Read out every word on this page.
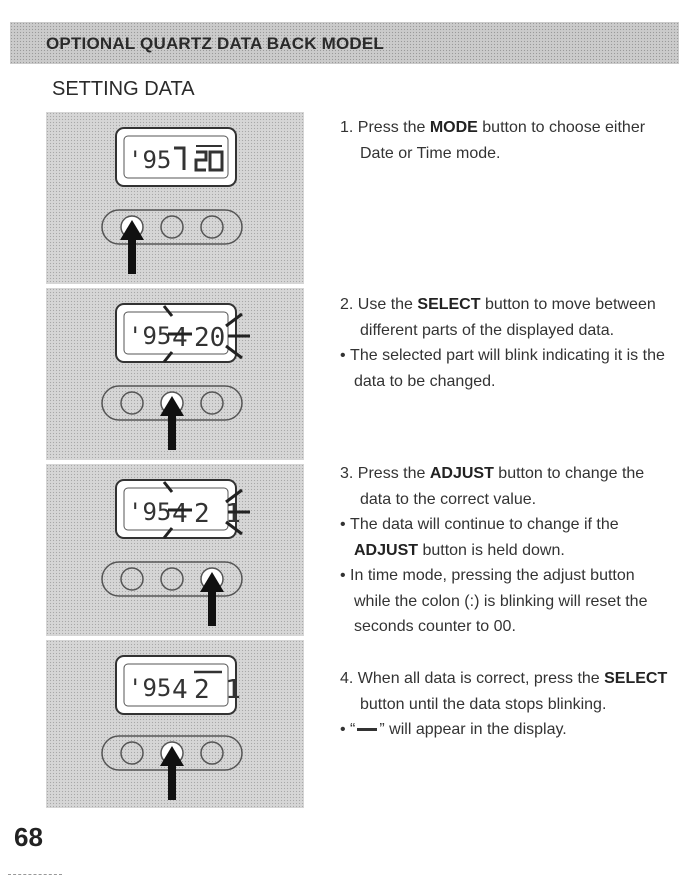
OPTIONAL QUARTZ DATA BACK MODEL
SETTING DATA
'95
'95 4 20
'95 4 2 1
'95 4 2 1

1. Press the MODE button to choose either Date or Time mode.

2. Use the SELECT button to move between different parts of the displayed data.

• The selected part will blink indicating it is the data to be changed.

3. Press the ADJUST button to change the data to the correct value.

• The data will continue to change if the ADJUST button is held down.

• In time mode, pressing the adjust button while the colon (:) is blinking will reset the seconds counter to 00.

4. When all data is correct, press the SELECT button until the data stops blinking.

• “ ” will appear in the display.

68
